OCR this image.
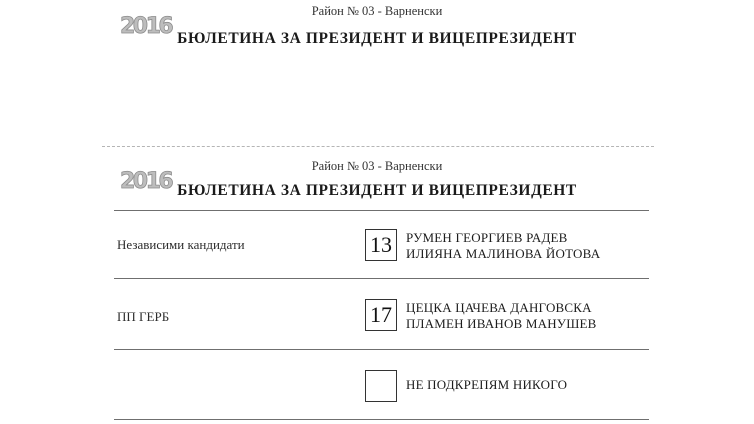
2016
Район № 03 - Варненски
БЮЛЕТИНА ЗА ПРЕЗИДЕНТ И ВИЦЕПРЕЗИДЕНТ
2016
Район № 03 - Варненски
БЮЛЕТИНА ЗА ПРЕЗИДЕНТ И ВИЦЕПРЕЗИДЕНТ
Независими кандидати	13	РУМЕН ГЕОРГИЕВ РАДЕВ
ИЛИЯНА МАЛИНОВА ЙОТОВА
ПП ГЕРБ	17	ЦЕЦКА ЦАЧЕВА ДАНГОВСКА
ПЛАМЕН ИВАНОВ МАНУШЕВ
НЕ ПОДКРЕПЯМ НИКОГО
